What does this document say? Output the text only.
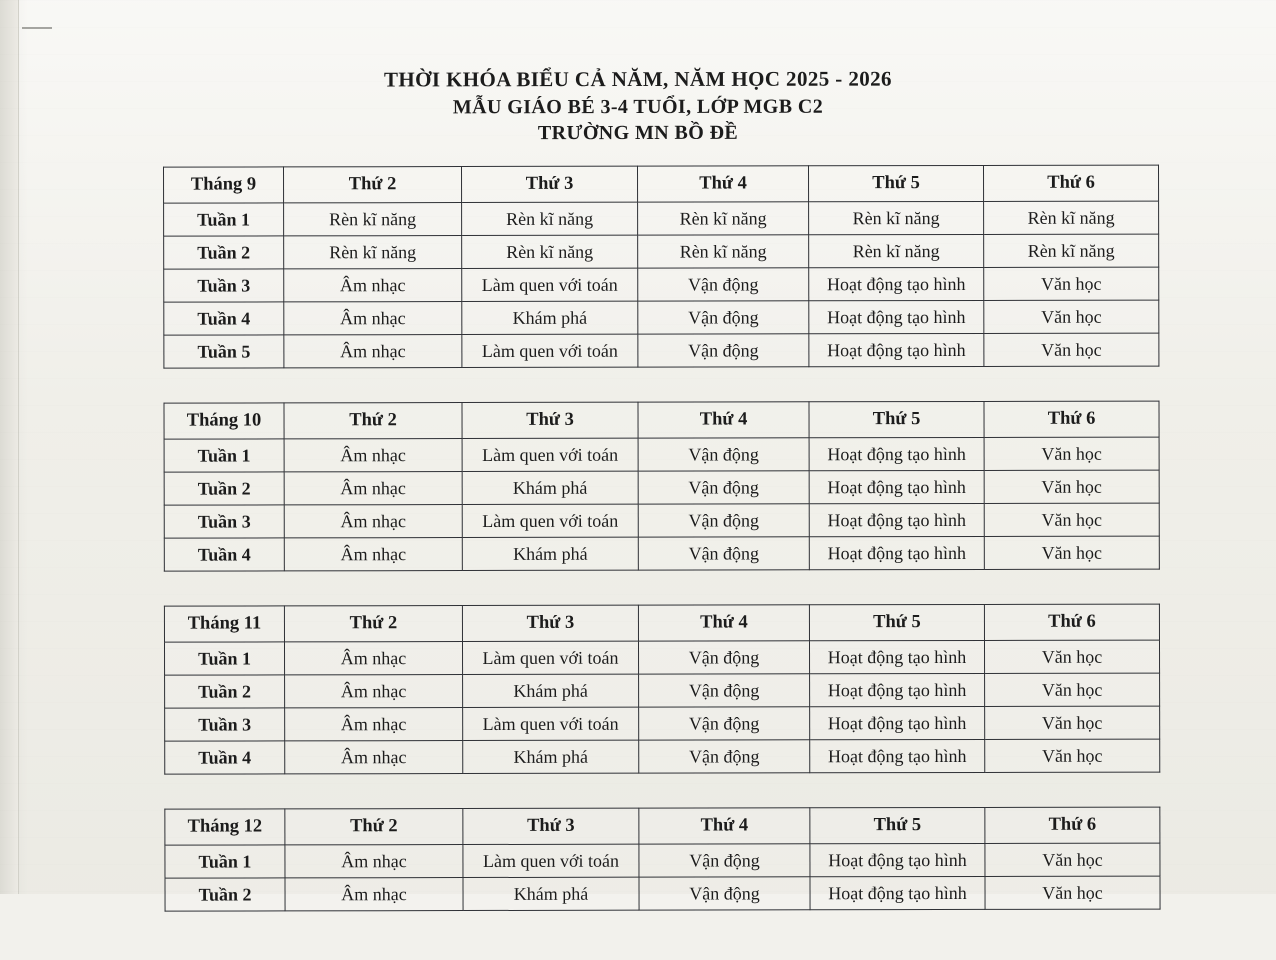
THỜI KHÓA BIỂU CẢ NĂM, NĂM HỌC 2025 - 2026
MẪU GIÁO BÉ 3-4 TUỔI, LỚP MGB C2
TRƯỜNG MN BỒ ĐỀ
Tháng 9	Thứ 2	Thứ 3	Thứ 4	Thứ 5	Thứ 6
Tuần 1	Rèn kĩ năng	Rèn kĩ năng	Rèn kĩ năng	Rèn kĩ năng	Rèn kĩ năng
Tuần 2	Rèn kĩ năng	Rèn kĩ năng	Rèn kĩ năng	Rèn kĩ năng	Rèn kĩ năng
Tuần 3	Âm nhạc	Làm quen với toán	Vận động	Hoạt động tạo hình	Văn học
Tuần 4	Âm nhạc	Khám phá	Vận động	Hoạt động tạo hình	Văn học
Tuần 5	Âm nhạc	Làm quen với toán	Vận động	Hoạt động tạo hình	Văn học
Tháng 10	Thứ 2	Thứ 3	Thứ 4	Thứ 5	Thứ 6
Tuần 1	Âm nhạc	Làm quen với toán	Vận động	Hoạt động tạo hình	Văn học
Tuần 2	Âm nhạc	Khám phá	Vận động	Hoạt động tạo hình	Văn học
Tuần 3	Âm nhạc	Làm quen với toán	Vận động	Hoạt động tạo hình	Văn học
Tuần 4	Âm nhạc	Khám phá	Vận động	Hoạt động tạo hình	Văn học
Tháng 11	Thứ 2	Thứ 3	Thứ 4	Thứ 5	Thứ 6
Tuần 1	Âm nhạc	Làm quen với toán	Vận động	Hoạt động tạo hình	Văn học
Tuần 2	Âm nhạc	Khám phá	Vận động	Hoạt động tạo hình	Văn học
Tuần 3	Âm nhạc	Làm quen với toán	Vận động	Hoạt động tạo hình	Văn học
Tuần 4	Âm nhạc	Khám phá	Vận động	Hoạt động tạo hình	Văn học
Tháng 12	Thứ 2	Thứ 3	Thứ 4	Thứ 5	Thứ 6
Tuần 1	Âm nhạc	Làm quen với toán	Vận động	Hoạt động tạo hình	Văn học
Tuần 2	Âm nhạc	Khám phá	Vận động	Hoạt động tạo hình	Văn học
